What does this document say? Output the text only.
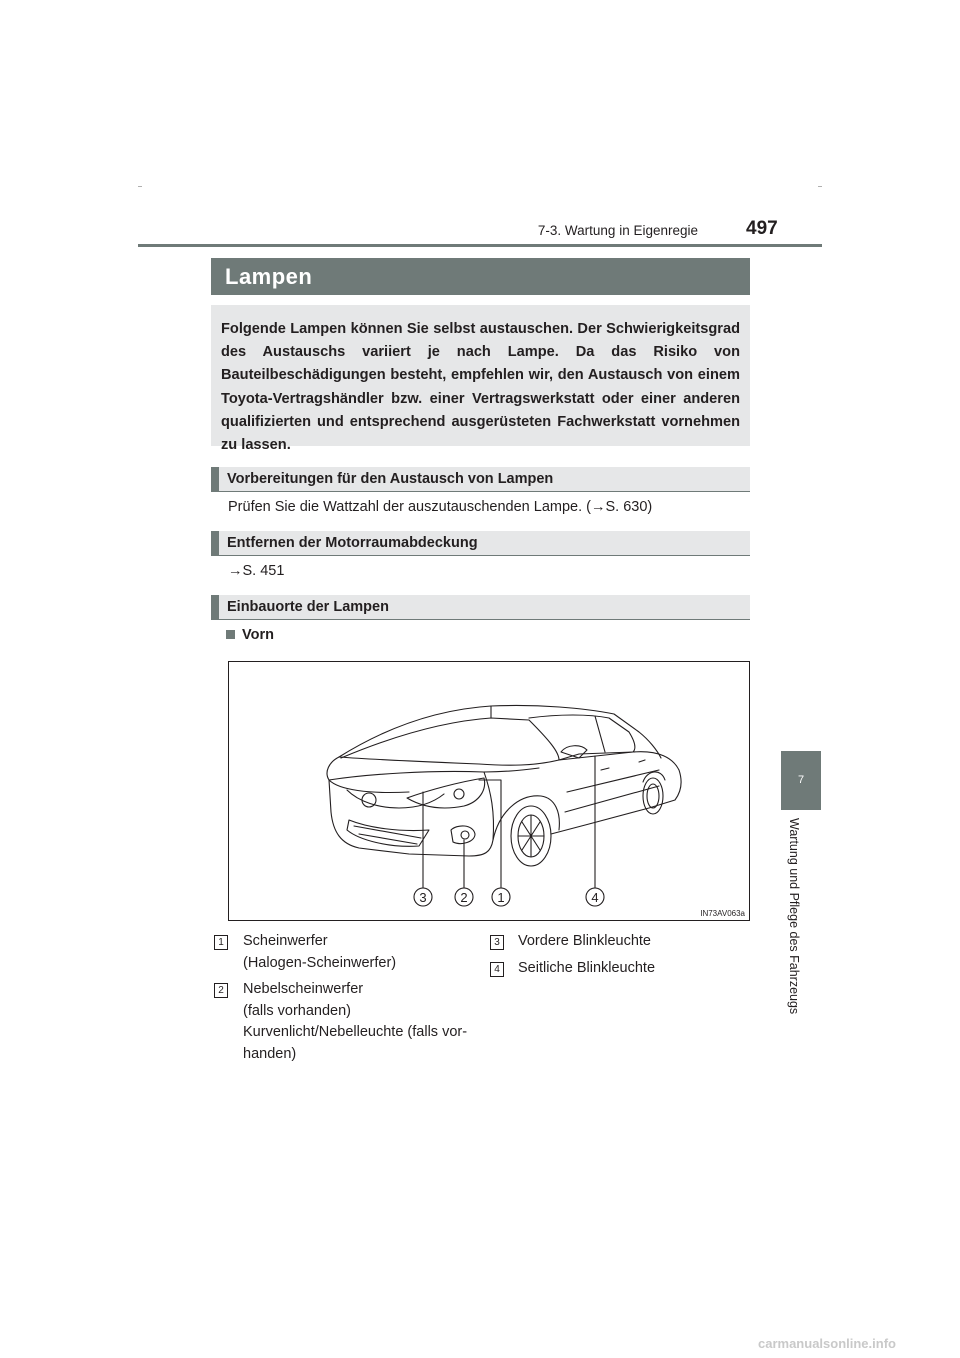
7-3. Wartung in Eigenregie	497
7
Wartung und Pflege des Fahrzeugs
Lampen
Folgende Lampen können Sie selbst austauschen. Der Schwierigkeitsgrad des Austauschs variiert je nach Lampe. Da das Risiko von Bauteilbeschädigungen besteht, empfehlen wir, den Austausch von einem Toyota-Vertragshändler bzw. einer Vertragswerkstatt oder einer anderen qualifizierten und entsprechend ausgerüsteten Fachwerkstatt vornehmen zu lassen.
Vorbereitungen für den Austausch von Lampen
Prüfen Sie die Wattzahl der auszutauschenden Lampe. (→S. 630)
Entfernen der Motorraumabdeckung
→S. 451
Einbauorte der Lampen
Vorn
3	2 1	4
IN73AV063a
1 Scheinwerfer
(Halogen-Scheinwerfer)
2 Nebelscheinwerfer
(falls vorhanden)
Kurvenlicht/Nebelleuchte (falls vor-
handen)
3 Vordere Blinkleuchte
4 Seitliche Blinkleuchte
carmanualsonline.info
